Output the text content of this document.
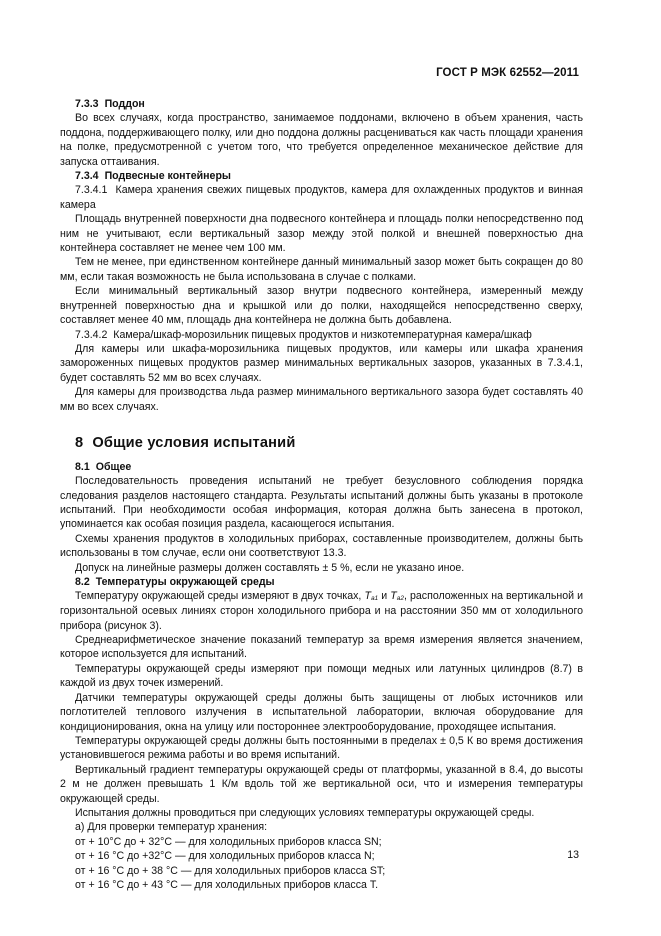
ГОСТ Р МЭК 62552—2011

7.3.3 Поддон

Во всех случаях, когда пространство, занимаемое поддонами, включено в объем хранения, часть поддона, поддерживающего полку, или дно поддона должны расцениваться как часть площади хранения на полке, предусмотренной с учетом того, что требуется определенное механическое действие для запуска оттаивания.

7.3.4 Подвесные контейнеры

7.3.4.1 Камера хранения свежих пищевых продуктов, камера для охлажденных продуктов и винная камера

Площадь внутренней поверхности дна подвесного контейнера и площадь полки непосредственно под ним не учитывают, если вертикальный зазор между этой полкой и внешней поверхностью дна контейнера составляет не менее чем 100 мм.

Тем не менее, при единственном контейнере данный минимальный зазор может быть сокращен до 80 мм, если такая возможность не была использована в случае с полками.

Если минимальный вертикальный зазор внутри подвесного контейнера, измеренный между внутренней поверхностью дна и крышкой или до полки, находящейся непосредственно сверху, составляет менее 40 мм, площадь дна контейнера не должна быть добавлена.

7.3.4.2 Камера/шкаф-морозильник пищевых продуктов и низкотемпературная камера/шкаф

Для камеры или шкафа-морозильника пищевых продуктов, или камеры или шкафа хранения замороженных пищевых продуктов размер минимальных вертикальных зазоров, указанных в 7.3.4.1, будет составлять 52 мм во всех случаях.

Для камеры для производства льда размер минимального вертикального зазора будет составлять 40 мм во всех случаях.

8 Общие условия испытаний

8.1 Общее

Последовательность проведения испытаний не требует безусловного соблюдения порядка следования разделов настоящего стандарта. Результаты испытаний должны быть указаны в протоколе испытаний. При необходимости особая информация, которая должна быть занесена в протокол, упоминается как особая позиция раздела, касающегося испытания.

Схемы хранения продуктов в холодильных приборах, составленные производителем, должны быть использованы в том случае, если они соответствуют 13.3.

Допуск на линейные размеры должен составлять ± 5 %, если не указано иное.

8.2 Температуры окружающей среды

Температуру окружающей среды измеряют в двух точках, Ta1 и Ta2, расположенных на вертикальной и горизонтальной осевых линиях сторон холодильного прибора и на расстоянии 350 мм от холодильного прибора (рисунок 3).

Среднеарифметическое значение показаний температур за время измерения является значением, которое используется для испытаний.

Температуры окружающей среды измеряют при помощи медных или латунных цилиндров (8.7) в каждой из двух точек измерений.

Датчики температуры окружающей среды должны быть защищены от любых источников или поглотителей теплового излучения в испытательной лаборатории, включая оборудование для кондиционирования, окна на улицу или постороннее электрооборудование, проходящее испытания.

Температуры окружающей среды должны быть постоянными в пределах ± 0,5 К во время достижения установившегося режима работы и во время испытаний.

Вертикальный градиент температуры окружающей среды от платформы, указанной в 8.4, до высоты 2 м не должен превышать 1 К/м вдоль той же вертикальной оси, что и измерения температуры окружающей среды.

Испытания должны проводиться при следующих условиях температуры окружающей среды.

а) Для проверки температур хранения:

от + 10°С до + 32°С — для холодильных приборов класса SN;

от + 16 °С до +32°С — для холодильных приборов класса N;

от + 16 °С до + 38 °С — для холодильных приборов класса ST;

от + 16 °С до + 43 °С — для холодильных приборов класса Т.

13
